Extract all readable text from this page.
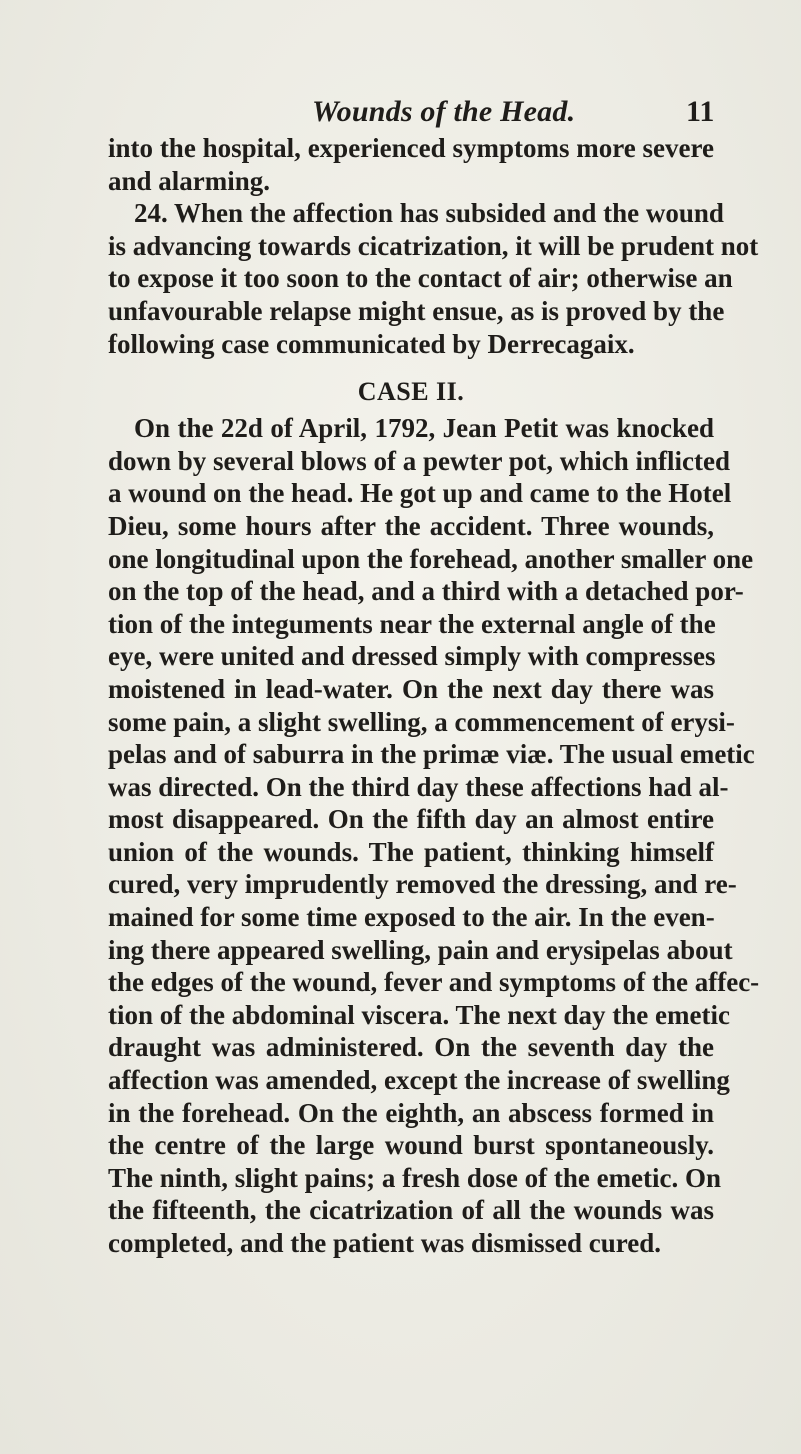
Wounds of the Head.	11
into the hospital, experienced symptoms more severe
and alarming.
24. When the affection has subsided and the wound
is advancing towards cicatrization, it will be prudent not
to expose it too soon to the contact of air; otherwise an
unfavourable relapse might ensue, as is proved by the
following case communicated by Derrecagaix.
CASE II.
On the 22d of April, 1792, Jean Petit was knocked
down by several blows of a pewter pot, which inflicted
a wound on the head. He got up and came to the Hotel
Dieu, some hours after the accident. Three wounds,
one longitudinal upon the forehead, another smaller one
on the top of the head, and a third with a detached por-
tion of the integuments near the external angle of the
eye, were united and dressed simply with compresses
moistened in lead-water. On the next day there was
some pain, a slight swelling, a commencement of erysi-
pelas and of saburra in the primæ viæ. The usual emetic
was directed. On the third day these affections had al-
most disappeared. On the fifth day an almost entire
union of the wounds. The patient, thinking himself
cured, very imprudently removed the dressing, and re-
mained for some time exposed to the air. In the even-
ing there appeared swelling, pain and erysipelas about
the edges of the wound, fever and symptoms of the affec-
tion of the abdominal viscera. The next day the emetic
draught was administered. On the seventh day the
affection was amended, except the increase of swelling
in the forehead. On the eighth, an abscess formed in
the centre of the large wound burst spontaneously.
The ninth, slight pains; a fresh dose of the emetic. On
the fifteenth, the cicatrization of all the wounds was
completed, and the patient was dismissed cured.
